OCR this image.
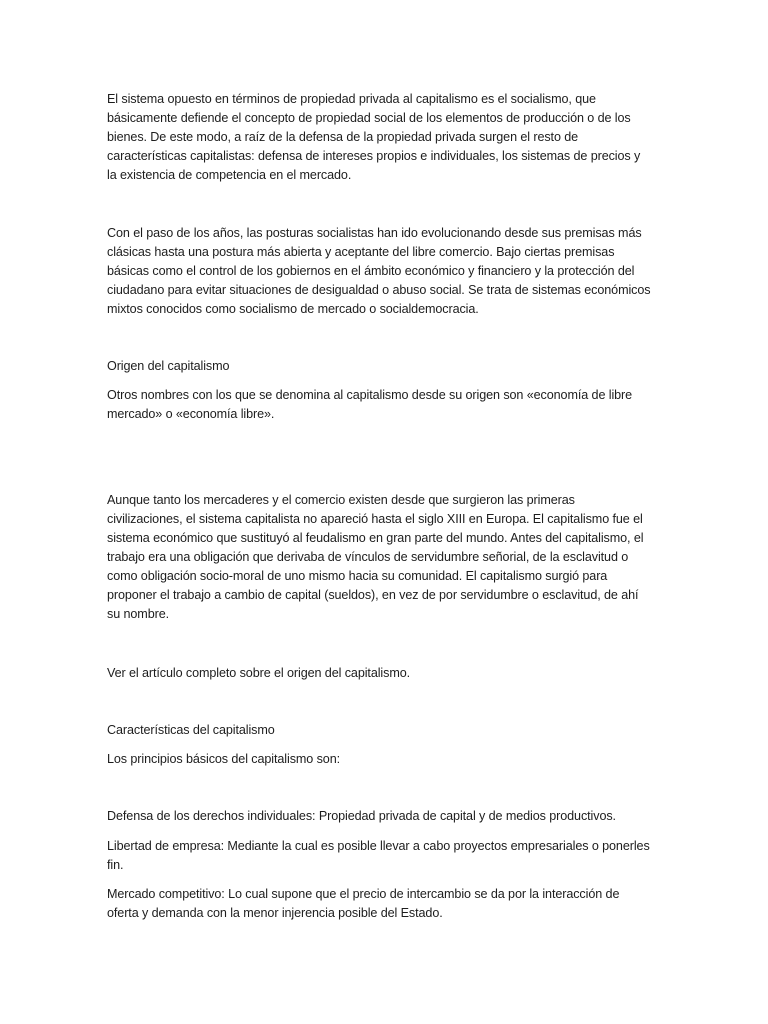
El sistema opuesto en términos de propiedad privada al capitalismo es el socialismo, que básicamente defiende el concepto de propiedad social de los elementos de producción o de los bienes. De este modo, a raíz de la defensa de la propiedad privada surgen el resto de características capitalistas: defensa de intereses propios e individuales, los sistemas de precios y la existencia de competencia en el mercado.

Con el paso de los años, las posturas socialistas han ido evolucionando desde sus premisas más clásicas hasta una postura más abierta y aceptante del libre comercio. Bajo ciertas premisas básicas como el control de los gobiernos en el ámbito económico y financiero y la protección del ciudadano para evitar situaciones de desigualdad o abuso social. Se trata de sistemas económicos mixtos conocidos como socialismo de mercado o socialdemocracia.

Origen del capitalismo

Otros nombres con los que se denomina al capitalismo desde su origen son «economía de libre mercado» o «economía libre».

Aunque tanto los mercaderes y el comercio existen desde que surgieron las primeras civilizaciones, el sistema capitalista no apareció hasta el siglo XIII en Europa. El capitalismo fue el sistema económico que sustituyó al feudalismo en gran parte del mundo. Antes del capitalismo, el trabajo era una obligación que derivaba de vínculos de servidumbre señorial, de la esclavitud o como obligación socio-moral de uno mismo hacia su comunidad. El capitalismo surgió para proponer el trabajo a cambio de capital (sueldos), en vez de por servidumbre o esclavitud, de ahí su nombre.

Ver el artículo completo sobre el origen del capitalismo.

Características del capitalismo

Los principios básicos del capitalismo son:

Defensa de los derechos individuales: Propiedad privada de capital y de medios productivos.

Libertad de empresa: Mediante la cual es posible llevar a cabo proyectos empresariales o ponerles fin.

Mercado competitivo: Lo cual supone que el precio de intercambio se da por la interacción de oferta y demanda con la menor injerencia posible del Estado.
